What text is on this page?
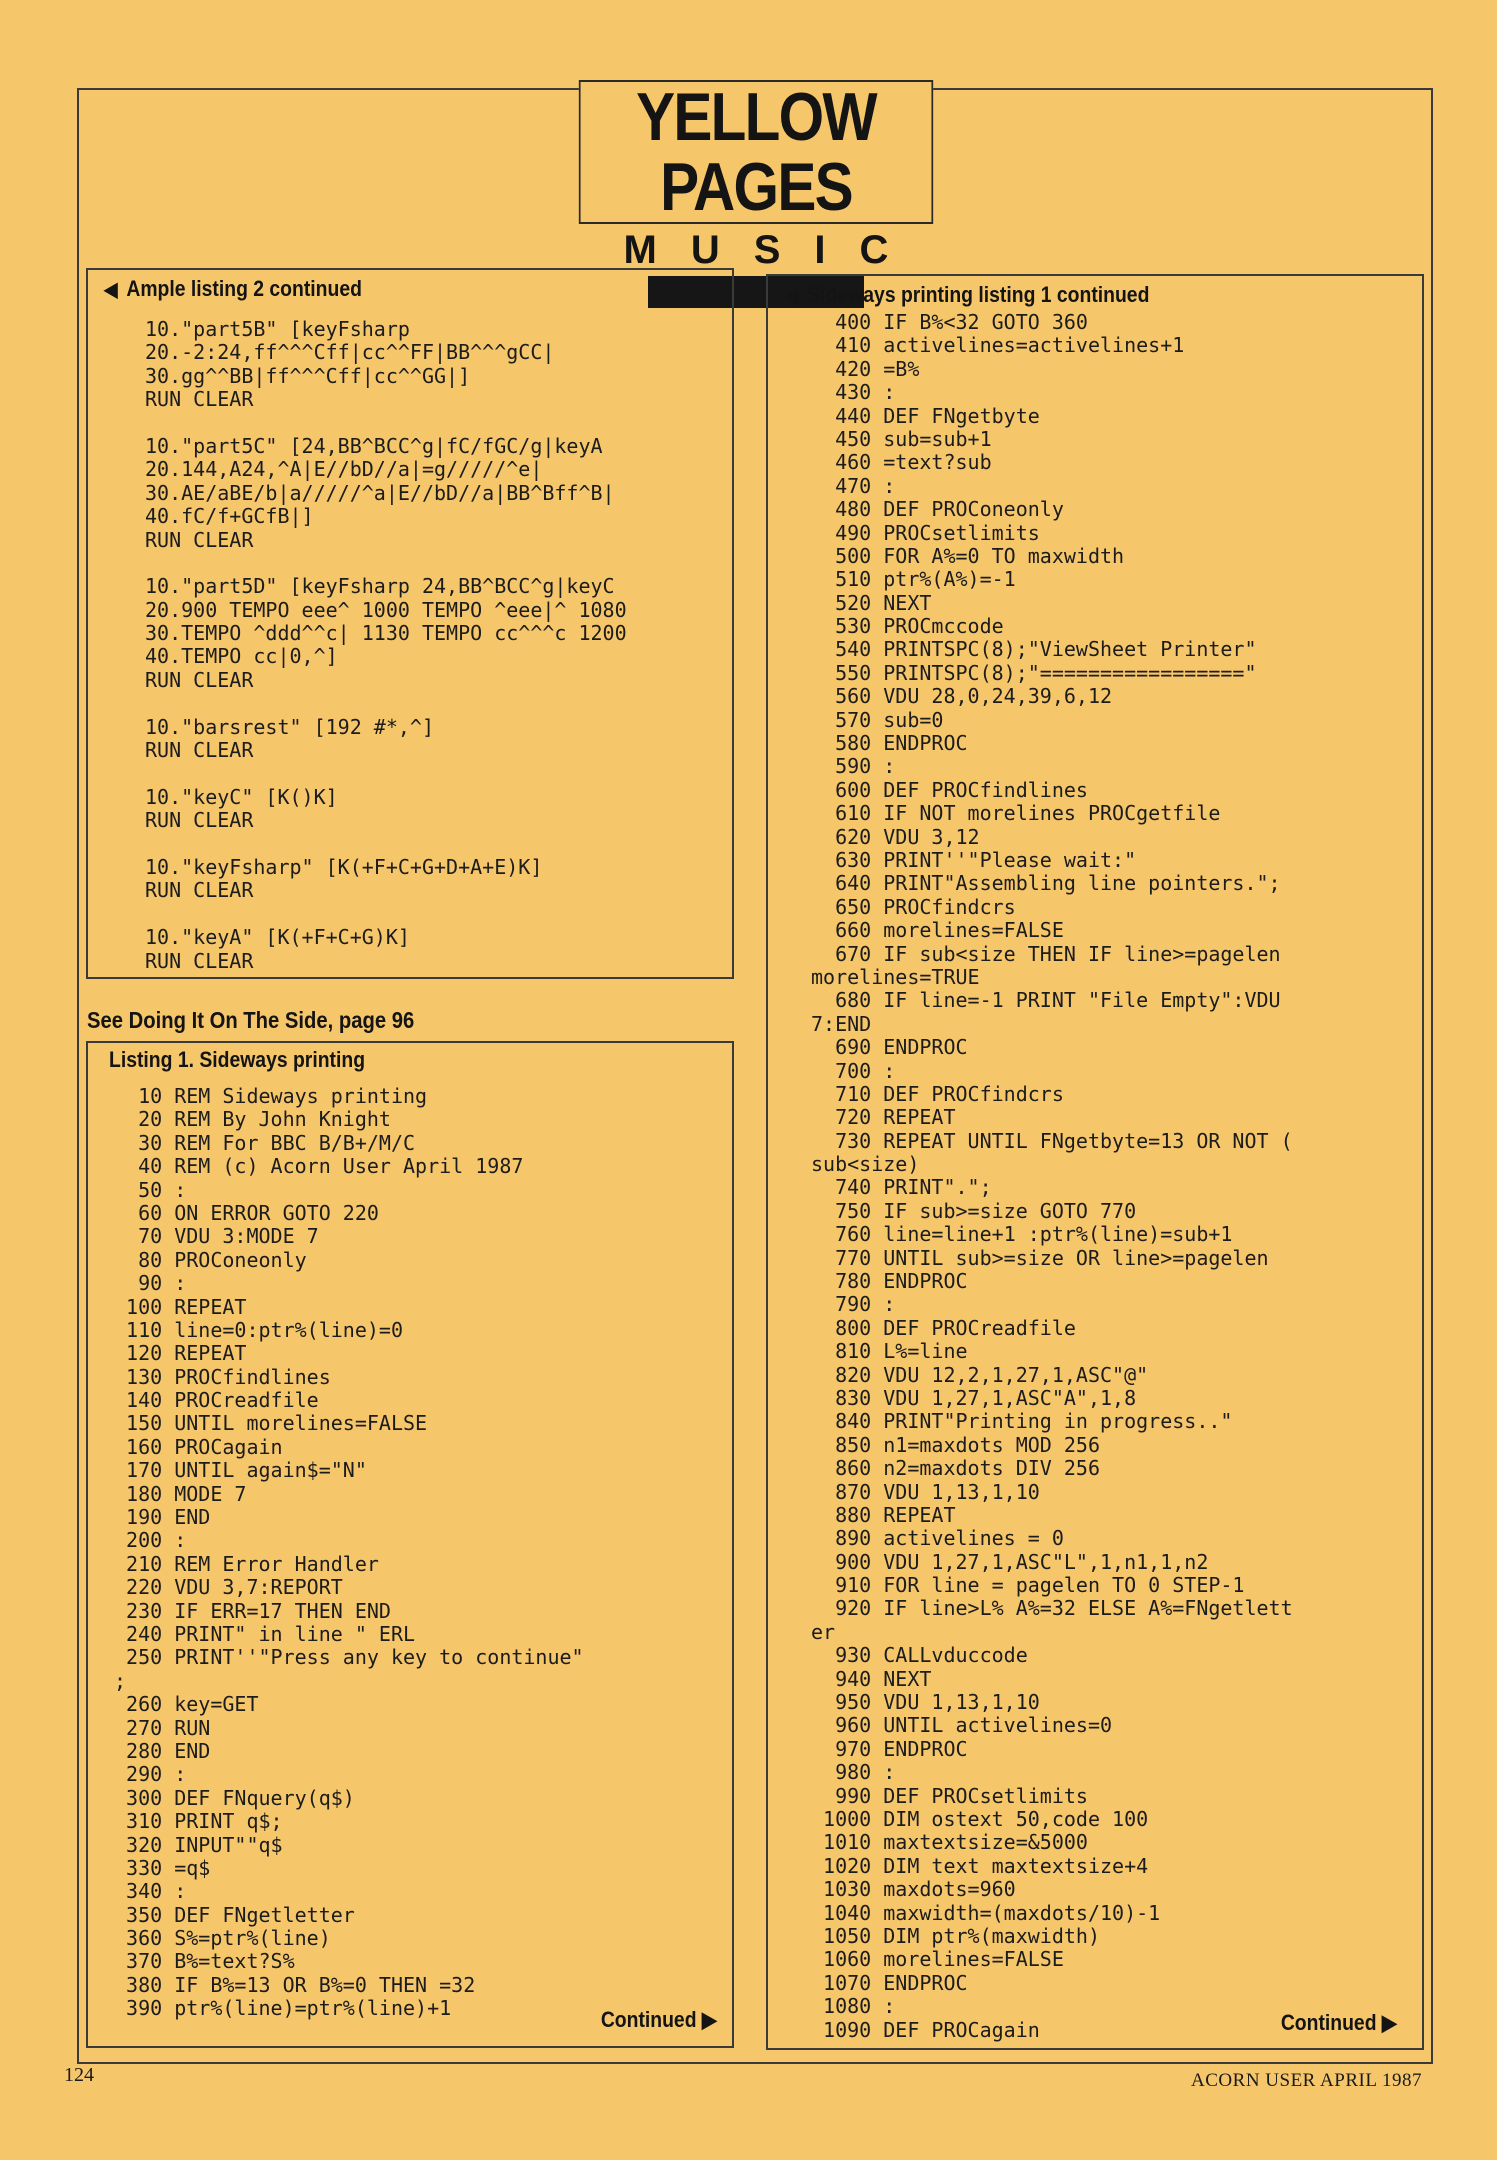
YELLOW PAGES
MUSIC
◀ Ample listing 2 continued
10."part5B" [keyFsharp
20.-2:24,ff^^^Cff|cc^^FF|BB^^^gCC|
30.gg^^BB|ff^^^Cff|cc^^GG|]
RUN CLEAR
10."part5C" [24,BB^BCC^g|fC/fGC/g|keyA
20.144,A24,^A|E//bD//a|=g/////^e|
30.AE/aBE/b|a/////^a|E//bD//a|BB^Bff^B|
40.fC/f+GCfB|]
RUN CLEAR
10."part5D" [keyFsharp 24,BB^BCC^g|keyC
20.900 TEMPO eee^ 1000 TEMPO ^eee|^ 1080
30.TEMPO ^ddd^^c| 1130 TEMPO cc^^^c 1200
40.TEMPO cc|0,^]
RUN CLEAR
10."barsrest" [192 #*,^]
RUN CLEAR
10."keyC" [K()K]
RUN CLEAR
10."keyFsharp" [K(+F+C+G+D+A+E)K]
RUN CLEAR
10."keyA" [K(+F+C+G)K]
RUN CLEAR
See Doing It On The Side, page 96
Listing 1. Sideways printing
10 REM Sideways printing
20 REM By John Knight
30 REM For BBC B/B+/M/C
40 REM (c) Acorn User April 1987
50 :
60 ON ERROR GOTO 220
70 VDU 3:MODE 7
80 PROConeonly
90 :
100 REPEAT
110 line=0:ptr%(line)=0
120 REPEAT
130 PROCfindlines
140 PROCreadfile
150 UNTIL morelines=FALSE
160 PROCagain
170 UNTIL again$="N"
180 MODE 7
190 END
200 :
210 REM Error Handler
220 VDU 3,7:REPORT
230 IF ERR=17 THEN END
240 PRINT" in line " ERL
250 PRINT''"Press any key to continue"
;
260 key=GET
270 RUN
280 END
290 :
300 DEF FNquery(q$)
310 PRINT q$;
320 INPUT""q$
330 =q$
340 :
350 DEF FNgetletter
360 S%=ptr%(line)
370 B%=text?S%
380 IF B%=13 OR B%=0 THEN =32
390 ptr%(line)=ptr%(line)+1	Continued ▶
◀ Sideways printing listing 1 continued
400 IF B%<32 GOTO 360
410 activelines=activelines+1
420 =B%
430 :
440 DEF FNgetbyte
450 sub=sub+1
460 =text?sub
470 :
480 DEF PROConeonly
490 PROCsetlimits
500 FOR A%=0 TO maxwidth
510 ptr%(A%)=-1
520 NEXT
530 PROCmccode
540 PRINTSPC(8);"ViewSheet Printer"
550 PRINTSPC(8);"================="
560 VDU 28,0,24,39,6,12
570 sub=0
580 ENDPROC
590 :
600 DEF PROCfindlines
610 IF NOT morelines PROCgetfile
620 VDU 3,12
630 PRINT''"Please wait:"
640 PRINT"Assembling line pointers.";
650 PROCfindcrs
660 morelines=FALSE
670 IF sub<size THEN IF line>=pagelen
morelines=TRUE
680 IF line=-1 PRINT "File Empty":VDU
7:END
690 ENDPROC
700 :
710 DEF PROCfindcrs
720 REPEAT
730 REPEAT UNTIL FNgetbyte=13 OR NOT (
sub<size)
740 PRINT".";
750 IF sub>=size GOTO 770
760 line=line+1 :ptr%(line)=sub+1
770 UNTIL sub>=size OR line>=pagelen
780 ENDPROC
790 :
800 DEF PROCreadfile
810 L%=line
820 VDU 12,2,1,27,1,ASC"@"
830 VDU 1,27,1,ASC"A",1,8
840 PRINT"Printing in progress.."
850 n1=maxdots MOD 256
860 n2=maxdots DIV 256
870 VDU 1,13,1,10
880 REPEAT
890 activelines = 0
900 VDU 1,27,1,ASC"L",1,n1,1,n2
910 FOR line = pagelen TO 0 STEP-1
920 IF line>L% A%=32 ELSE A%=FNgetlett
er
930 CALLvduccode
940 NEXT
950 VDU 1,13,1,10
960 UNTIL activelines=0
970 ENDPROC
980 :
990 DEF PROCsetlimits
1000 DIM ostext 50,code 100
1010 maxtextsize=&5000
1020 DIM text maxtextsize+4
1030 maxdots=960
1040 maxwidth=(maxdots/10)-1
1050 DIM ptr%(maxwidth)
1060 morelines=FALSE
1070 ENDPROC
1080 :
1090 DEF PROCagain	Continued ▶
124	ACORN USER APRIL 1987
